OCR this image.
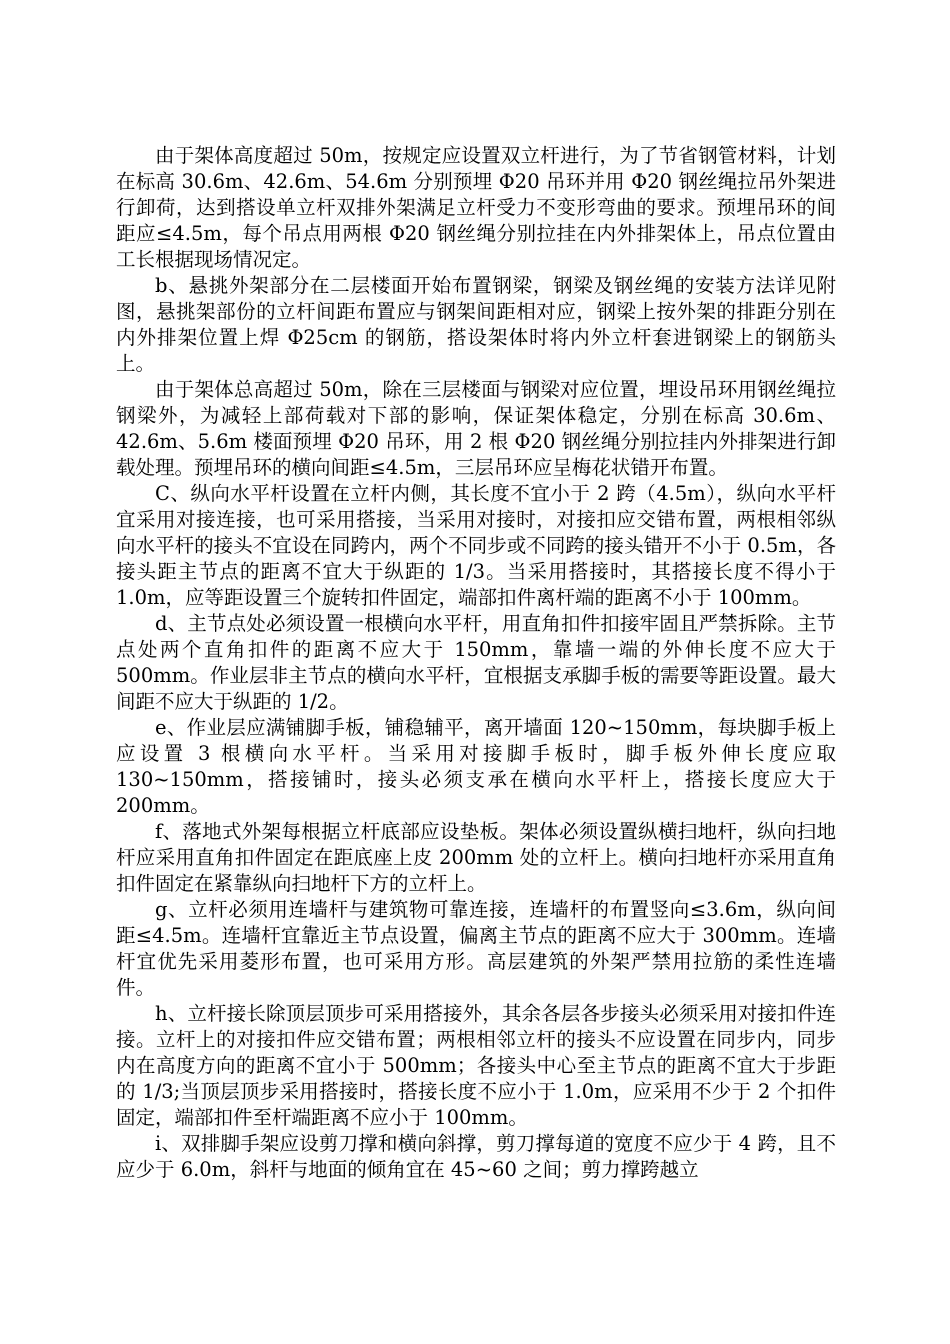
由于架体高度超过 50m，按规定应设置双立杆进行，为了节省钢管材料，计划在标高 30.6m、42.6m、54.6m 分别预埋 Φ20 吊环并用 Φ20 钢丝绳拉吊外架进行卸荷，达到搭设单立杆双排外架满足立杆受力不变形弯曲的要求。预埋吊环的间距应≤4.5m，每个吊点用两根 Φ20 钢丝绳分别拉挂在内外排架体上，吊点位置由工长根据现场情况定。

b、悬挑外架部分在二层楼面开始布置钢梁，钢梁及钢丝绳的安装方法详见附图，悬挑架部份的立杆间距布置应与钢架间距相对应，钢梁上按外架的排距分别在内外排架位置上焊 Φ25cm 的钢筋，搭设架体时将内外立杆套进钢梁上的钢筋头上。

由于架体总高超过 50m，除在三层楼面与钢梁对应位置，埋设吊环用钢丝绳拉钢梁外，为减轻上部荷载对下部的影响，保证架体稳定，分别在标高 30.6m、42.6m、5.6m 楼面预埋 Φ20 吊环，用 2 根 Φ20 钢丝绳分别拉挂内外排架进行卸载处理。预埋吊环的横向间距≤4.5m，三层吊环应呈梅花状错开布置。

C、纵向水平杆设置在立杆内侧，其长度不宜小于 2 跨（4.5m），纵向水平杆宜采用对接连接，也可采用搭接，当采用对接时，对接扣应交错布置，两根相邻纵向水平杆的接头不宜设在同跨内，两个不同步或不同跨的接头错开不小于 0.5m，各接头距主节点的距离不宜大于纵距的 1/3。当采用搭接时，其搭接长度不得小于 1.0m，应等距设置三个旋转扣件固定，端部扣件离杆端的距离不小于 100mm。

d、主节点处必须设置一根横向水平杆，用直角扣件扣接牢固且严禁拆除。主节点处两个直角扣件的距离不应大于 150mm，靠墙一端的外伸长度不应大于 500mm。作业层非主节点的横向水平杆，宜根据支承脚手板的需要等距设置。最大间距不应大于纵距的 1/2。

e、作业层应满铺脚手板，铺稳辅平，离开墙面 120~150mm，每块脚手板上应设置 3 根横向水平杆。当采用对接脚手板时，脚手板外伸长度应取 130~150mm，搭接铺时，接头必须支承在横向水平杆上，搭接长度应大于 200mm。

f、落地式外架每根据立杆底部应设垫板。架体必须设置纵横扫地杆，纵向扫地杆应采用直角扣件固定在距底座上皮 200mm 处的立杆上。横向扫地杆亦采用直角扣件固定在紧靠纵向扫地杆下方的立杆上。

g、立杆必须用连墙杆与建筑物可靠连接，连墙杆的布置竖向≤3.6m，纵向间距≤4.5m。连墙杆宜靠近主节点设置，偏离主节点的距离不应大于 300mm。连墙杆宜优先采用菱形布置，也可采用方形。高层建筑的外架严禁用拉筋的柔性连墙件。

h、立杆接长除顶层顶步可采用搭接外，其余各层各步接头必须采用对接扣件连接。立杆上的对接扣件应交错布置；两根相邻立杆的接头不应设置在同步内，同步内在高度方向的距离不宜小于 500mm；各接头中心至主节点的距离不宜大于步距的 1/3;当顶层顶步采用搭接时，搭接长度不应小于 1.0m，应采用不少于 2 个扣件固定，端部扣件至杆端距离不应小于 100mm。

i、双排脚手架应设剪刀撑和横向斜撑，剪刀撑每道的宽度不应少于 4 跨，且不应少于 6.0m，斜杆与地面的倾角宜在 45~60 之间；剪力撑跨越立
